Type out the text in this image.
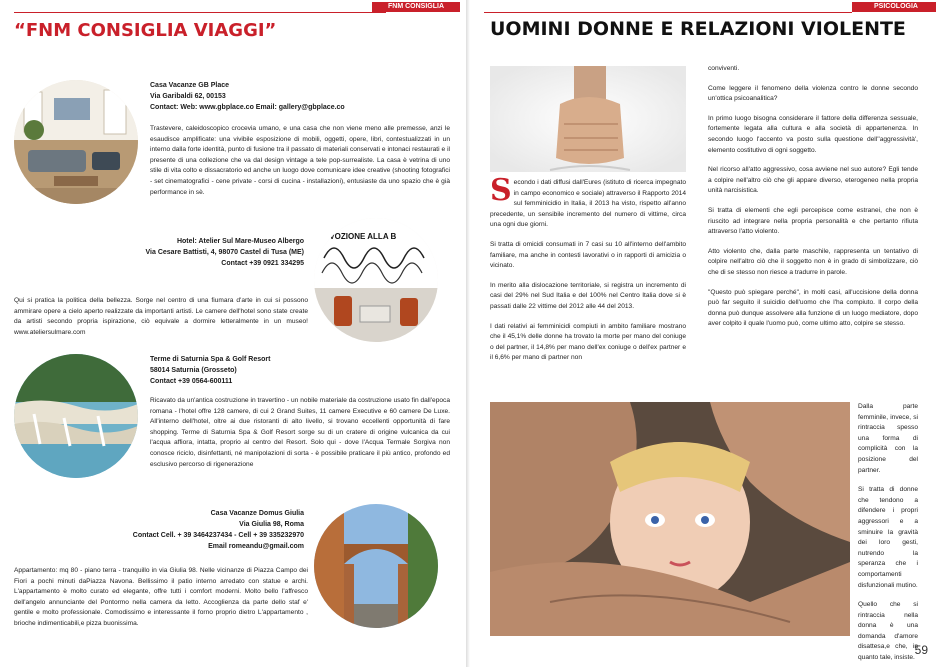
FNM CONSIGLIA
“FNM CONSIGLIA VIAGGI”
Casa Vacanze GB Place
Via Garibaldi 62, 00153
Contact: Web: www.gbplace.co Email: gallery@gbplace.co
Trastevere, caleidoscopico crocevia umano, e una casa che non viene meno alle premesse, anzi le esaudisce amplificate: una vivibile esposizione di mobili, oggetti, opere, libri, contestualizzati in un interno dalla forte identità, punto di fusione tra il passato di materiali conservati e intonaci restaurati e il presente di una collezione che va dal design vintage a tele pop-surrealiste. La casa è vetrina di uno stile di vita colto e dissacratorio ed anche un luogo dove comunicare idee creative (shooting fotografici - set cinematografici - cene private - corsi di cucina - installazioni), entusiaste da uno spazio che è già performance in sè.
Hotel: Atelier Sul Mare-Museo Albergo
Via Cesare Battisti, 4, 98070 Castel di Tusa (ME)
Contact +39 0921 334295
EVOZIONE ALLA B
Qui si pratica la politica della bellezza. Sorge nel centro di una fiumara d'arte in cui si possono ammirare opere a cielo aperto realizzate da importanti artisti. Le camere dell'hotel sono state create da artisti secondo propria ispirazione, ciò equivale a dormire letteralmente in un museo! www.ateliersulmare.com
Terme di Saturnia Spa & Golf Resort
58014 Saturnia (Grosseto)
Contact +39 0564-600111
Ricavato da un'antica costruzione in travertino - un nobile materiale da costruzione usato fin dall'epoca romana - l'hotel offre 128 camere, di cui 2 Grand Suites, 11 camere Executive e 60 camere De Luxe. All'interno dell'hotel, oltre ai due ristoranti di alto livello, si trovano eccellenti opportunità di fare shopping. Terme di Saturnia Spa & Golf Resort sorge su di un cratere di origine vulcanica da cui l'acqua affiora, intatta, proprio al centro del Resort. Solo qui - dove l'Acqua Termale Sorgiva non conosce riciclo, disinfettanti, né manipolazioni di sorta - è possibile praticare il più antico, profondo ed esclusivo percorso di rigenerazione
Casa Vacanze Domus Giulia
Via Giulia 98, Roma
Contact Cell. + 39 3464237434 - Cell + 39 335232970
Email romeandu@gmail.com
Appartamento: mq 80 - piano terra - tranquillo in via Giulia 98. Nelle vicinanze di Piazza Campo dei Fiori a pochi minuti daPiazza Navona. Bellissimo il patio interno arredato con statue e archi. L'appartamento è molto curato ed elegante, offre tutti i comfort moderni. Molto bello l'affresco dell'angelo annunciante del Pontormo nella camera da letto. Accoglienza da parte dello staf e' gentile e molto professionale. Comodissimo e interessante il forno proprio dietro L'appartamento , brioche indimenticabili,e pizza buonissima.
PSICOLOGIA
UOMINI DONNE E RELAZIONI VIOLENTE

Secondo i dati diffusi dall'Eures (istituto di ricerca impegnato in campo economico e sociale) attraverso il Rapporto 2014 sul femminicidio in Italia, il 2013 ha visto, rispetto all'anno precedente, un sensibile incremento del numero di vittime, circa una ogni due giorni.

Si tratta di omicidi consumati in 7 casi su 10 all'interno dell'ambito familiare, ma anche in contesti lavorativi o in rapporti di amicizia o vicinato.

In merito alla dislocazione territoriale, si registra un incremento di casi del 29% nel Sud Italia e del 100% nel Centro Italia dove si è passati dalle 22 vittime del 2012 alle 44 del 2013.

I dati relativi ai femminicidi compiuti in ambito familiare mostrano che il 45,1% delle donne ha trovato la morte per mano del coniuge o del partner, il 14,8% per mano dell'ex coniuge o dell'ex partner e il 6,6% per mano di partner non

conviventi.

Come leggere il fenomeno della violenza contro le donne secondo un'ottica psicoanalitica?

In primo luogo bisogna considerare il fattore della differenza sessuale, fortemente legata alla cultura e alla società di appartenenza. In secondo luogo l'accento va posto sulla questione dell''aggressività', elemento costitutivo di ogni soggetto.

Nel ricorso all'atto aggressivo, cosa avviene nel suo autore? Egli tende a colpire nell'altro ciò che gli appare diverso, eterogeneo nella propria unità narcisistica.

Si tratta di elementi che egli percepisce come estranei, che non è riuscito ad integrare nella propria personalità e che pertanto rifiuta attraverso l'atto violento.

Atto violento che, dalla parte maschile, rappresenta un tentativo di colpire nell'altro ciò che il soggetto non è in grado di simbolizzare, ciò che di se stesso non riesce a tradurre in parole.

"Questo può spiegare perché", in molti casi, all'uccisione della donna può far seguito il suicidio dell'uomo che l'ha compiuto. Il corpo della donna può dunque assolvere alla funzione di un luogo mediatore, dopo aver colpito il quale l'uomo può, come ultimo atto, colpire se stesso.

Dalla parte femminile, invece, si rintraccia spesso una forma di complicità con la posizione del partner.

Si tratta di donne che tendono a difendere i propri aggressori e a sminuire la gravità dei loro gesti, nutrendo la speranza che i comportamenti disfunzionali mutino.

Quello che si rintraccia nella donna è una domanda d'amore disattesa,e che, in quanto tale, insiste.

59
